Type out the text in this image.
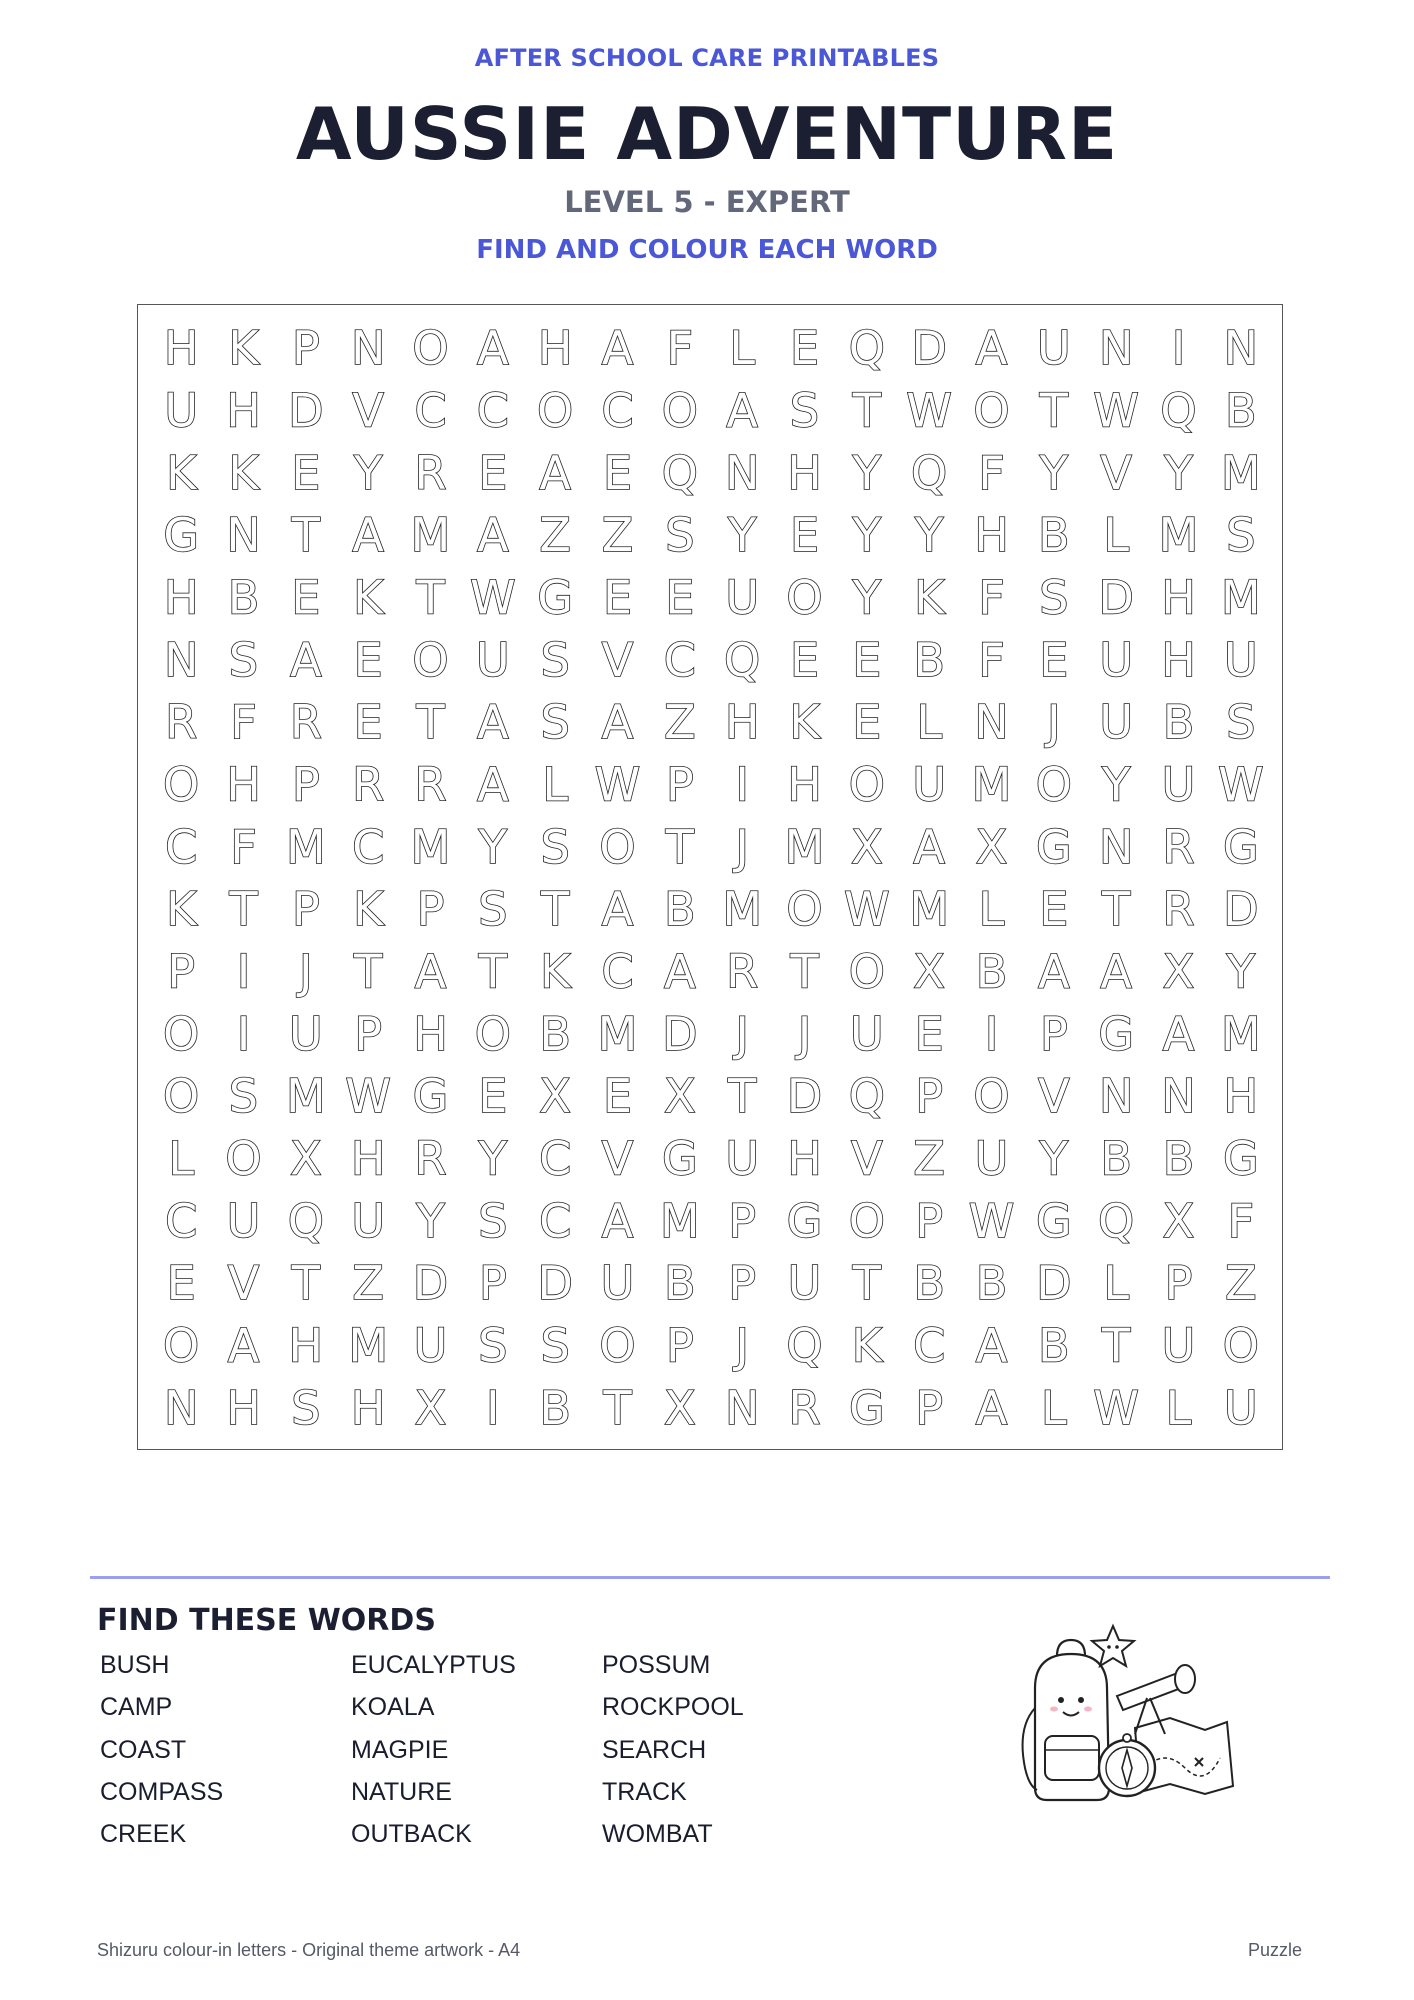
AFTER SCHOOL CARE PRINTABLES
AUSSIE ADVENTURE
LEVEL 5 - EXPERT
FIND AND COLOUR EACH WORD
H K P N O A H A F L E Q D A U N I N
U H D V C C O C O A S T W O T W Q B
K K E Y R E A E Q N H Y Q F Y V Y M
G N T A M A Z Z S Y E Y Y H B L M S
H B E K T W G E E U O Y K F S D H M
N S A E O U S V C Q E E B F E U H U
R F R E T A S A Z H K E L N J U B S
O H P R R A L W P I H O U M O Y U W
C F M C M Y S O T J M X A X G N R G
K T P K P S T A B M O W M L E T R D
P I J T A T K C A R T O X B A A X Y
O I U P H O B M D J J U E I P G A M
O S M W G E X E X T D Q P O V N N H
L O X H R Y C V G U H V Z U Y B B G
C U Q U Y S C A M P G O P W G Q X F
E V T Z D P D U B P U T B B D L P Z
O A H M U S S O P J Q K C A B T U O
N H S H X I B T X N R G P A L W L U
FIND THESE WORDS
BUSH
CAMP
COAST
COMPASS
CREEK
EUCALYPTUS
KOALA
MAGPIE
NATURE
OUTBACK
POSSUM
ROCKPOOL
SEARCH
TRACK
WOMBAT
Shizuru colour-in letters - Original theme artwork - A4	Puzzle
